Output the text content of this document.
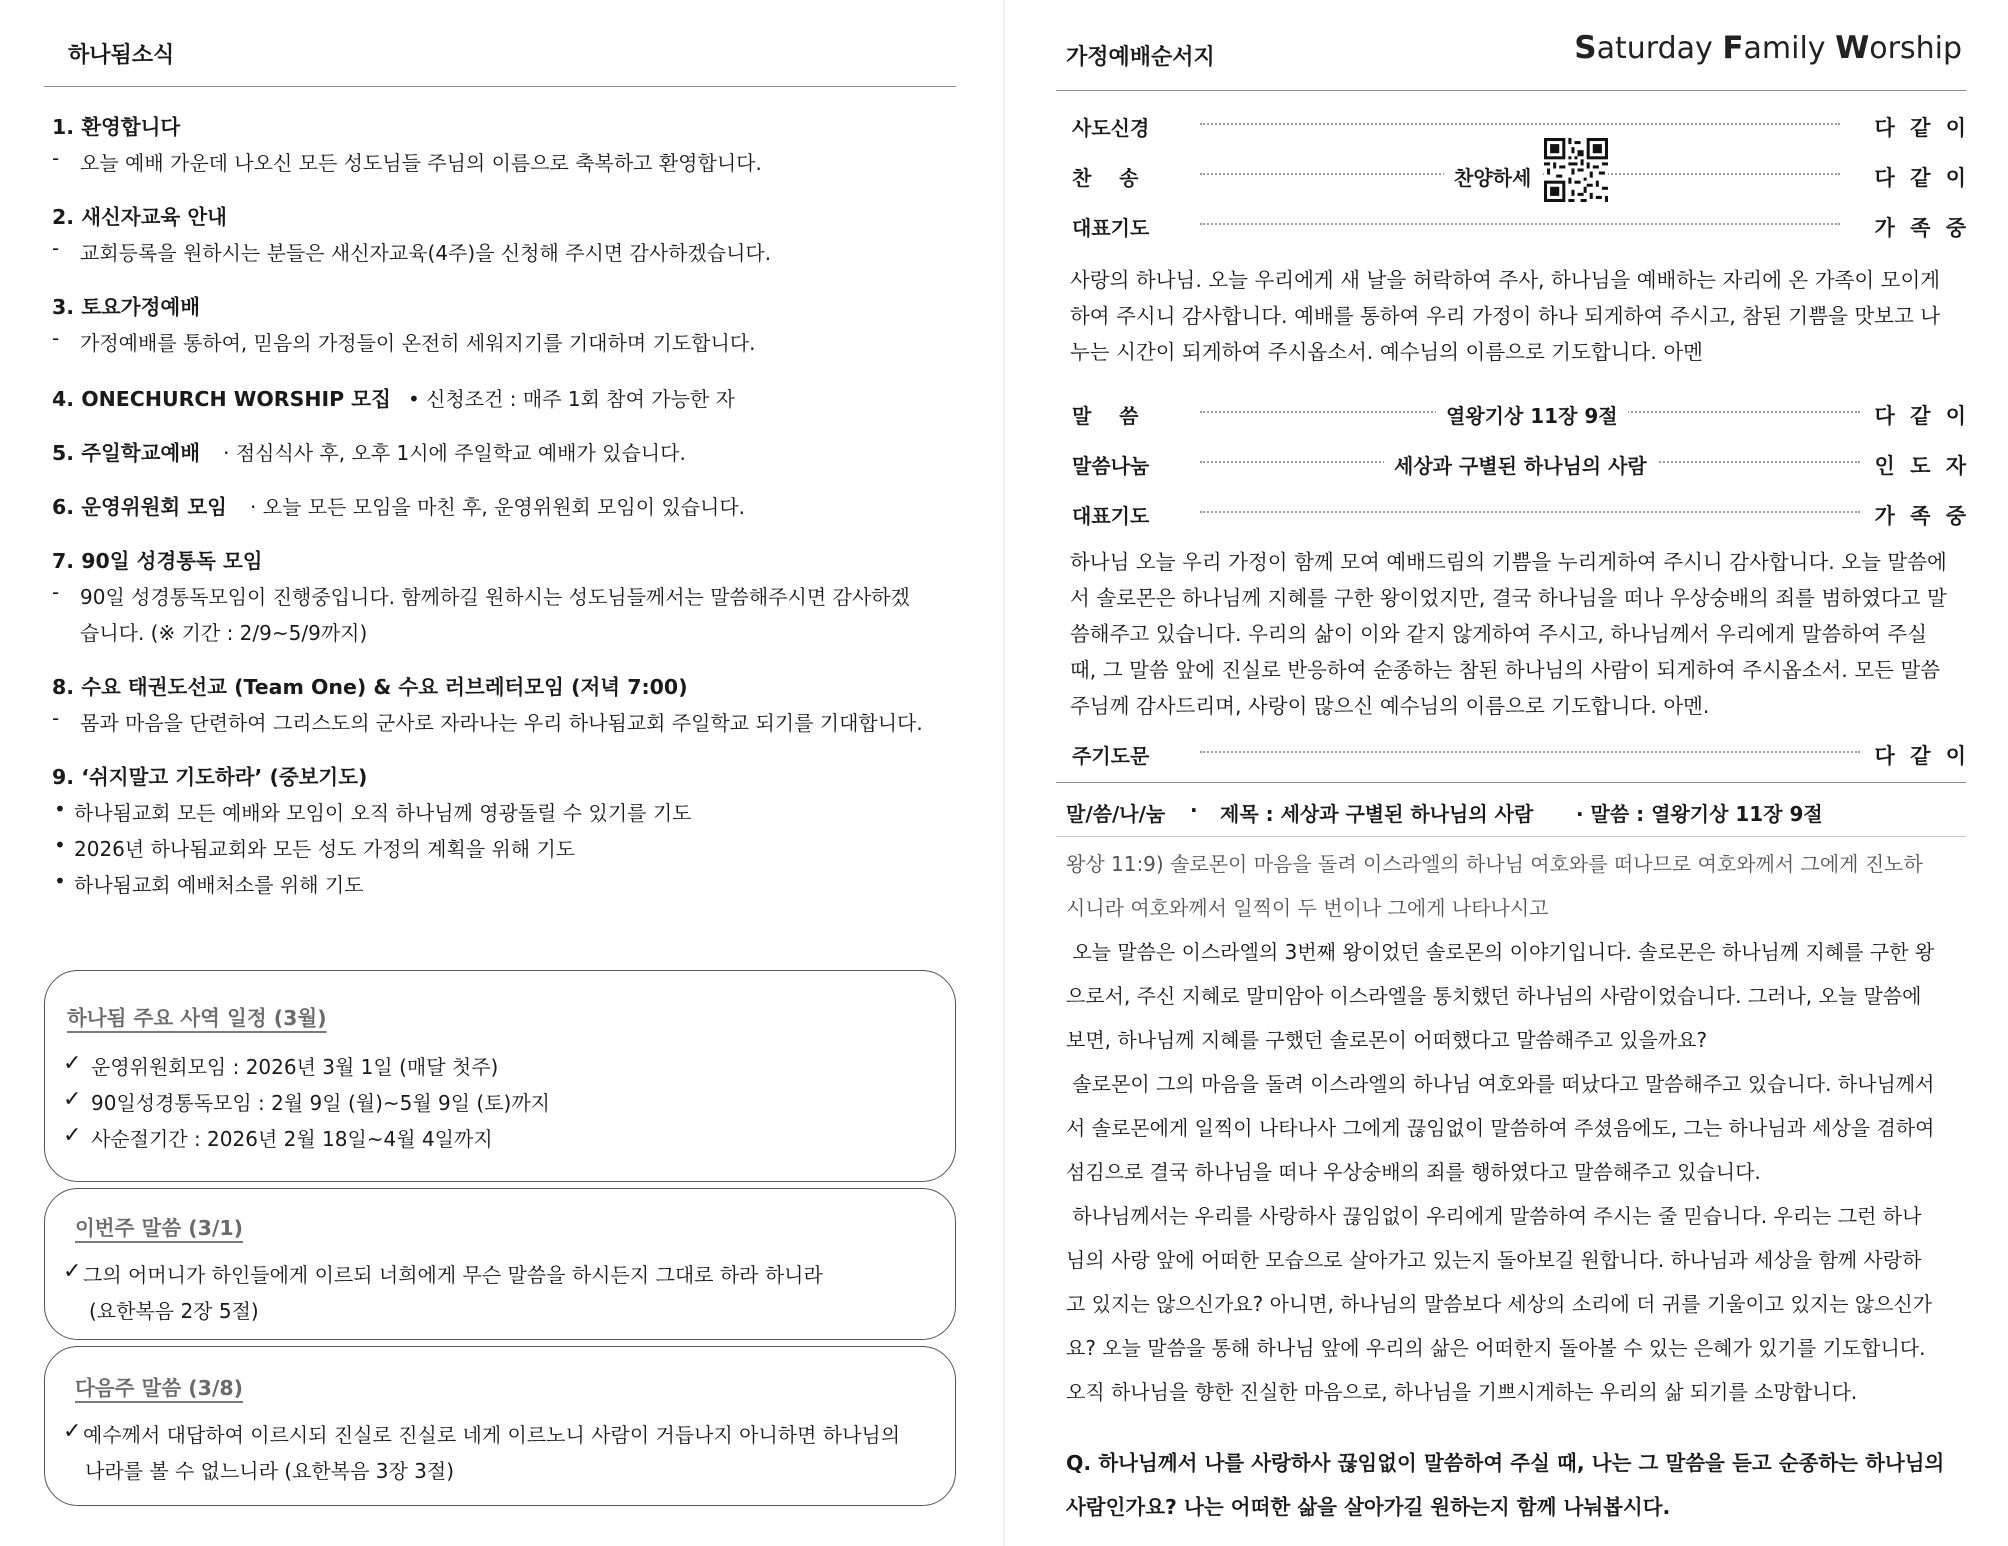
하나됨소식
1. 환영합니다
- 오늘 예배 가운데 나오신 모든 성도님들 주님의 이름으로 축복하고 환영합니다.
2. 새신자교육 안내
- 교회등록을 원하시는 분들은 새신자교육(4주)을 신청해 주시면 감사하겠습니다.
3. 토요가정예배
- 가정예배를 통하여, 믿음의 가정들이 온전히 세워지기를 기대하며 기도합니다.
4. ONECHURCH WORSHIP 모집 • 신청조건 : 매주 1회 참여 가능한 자
5. 주일학교예배 · 점심식사 후, 오후 1시에 주일학교 예배가 있습니다.
6. 운영위원회 모임 · 오늘 모든 모임을 마친 후, 운영위원회 모임이 있습니다.
7. 90일 성경통독 모임
- 90일 성경통독모임이 진행중입니다. 함께하길 원하시는 성도님들께서는 말씀해주시면 감사하겠
습니다. (※ 기간 : 2/9~5/9까지)
8. 수요 태권도선교 (Team One) & 수요 러브레터모임 (저녁 7:00)
- 몸과 마음을 단련하여 그리스도의 군사로 자라나는 우리 하나됨교회 주일학교 되기를 기대합니다.
9. ‘쉬지말고 기도하라’ (중보기도)
• 하나됨교회 모든 예배와 모임이 오직 하나님께 영광돌릴 수 있기를 기도
• 2026년 하나됨교회와 모든 성도 가정의 계획을 위해 기도
• 하나됨교회 예배처소를 위해 기도
하나됨 주요 사역 일정 (3월)
✓ 운영위원회모임 : 2026년 3월 1일 (매달 첫주)
✓ 90일성경통독모임 : 2월 9일 (월)~5월 9일 (토)까지
✓ 사순절기간 : 2026년 2월 18일~4월 4일까지
이번주 말씀 (3/1)
✓ 그의 어머니가 하인들에게 이르되 너희에게 무슨 말씀을 하시든지 그대로 하라 하니라
(요한복음 2장 5절)
다음주 말씀 (3/8)
✓ 예수께서 대답하여 이르시되 진실로 진실로 네게 이르노니 사람이 거듭나지 아니하면 하나님의
나라를 볼 수 없느니라 (요한복음 3장 3절)
가정예배순서지	Saturday Family Worship
사도신경	다 같 이
찬    송	찬양하세	다 같 이
대표기도	가 족 중
사랑의 하나님. 오늘 우리에게 새 날을 허락하여 주사, 하나님을 예배하는 자리에 온 가족이 모이게
하여 주시니 감사합니다. 예배를 통하여 우리 가정이 하나 되게하여 주시고, 참된 기쁨을 맛보고 나
누는 시간이 되게하여 주시옵소서. 예수님의 이름으로 기도합니다. 아멘
말    씀	열왕기상 11장 9절	다 같 이
말씀나눔	세상과 구별된 하나님의 사람	인 도 자
대표기도	가 족 중
하나님 오늘 우리 가정이 함께 모여 예배드림의 기쁨을 누리게하여 주시니 감사합니다. 오늘 말씀에
서 솔로몬은 하나님께 지혜를 구한 왕이었지만, 결국 하나님을 떠나 우상숭배의 죄를 범하였다고 말
씀해주고 있습니다. 우리의 삶이 이와 같지 않게하여 주시고, 하나님께서 우리에게 말씀하여 주실
때, 그 말씀 앞에 진실로 반응하여 순종하는 참된 하나님의 사람이 되게하여 주시옵소서. 모든 말씀
주님께 감사드리며, 사랑이 많으신 예수님의 이름으로 기도합니다. 아멘.
주기도문	다 같 이
말/씀/나/눔 · 제목 : 세상과 구별된 하나님의 사람 · 말씀 : 열왕기상 11장 9절
왕상 11:9) 솔로몬이 마음을 돌려 이스라엘의 하나님 여호와를 떠나므로 여호와께서 그에게 진노하
시니라 여호와께서 일찍이 두 번이나 그에게 나타나시고
오늘 말씀은 이스라엘의 3번째 왕이었던 솔로몬의 이야기입니다. 솔로몬은 하나님께 지혜를 구한 왕
으로서, 주신 지혜로 말미암아 이스라엘을 통치했던 하나님의 사람이었습니다. 그러나, 오늘 말씀에
보면, 하나님께 지혜를 구했던 솔로몬이 어떠했다고 말씀해주고 있을까요?
솔로몬이 그의 마음을 돌려 이스라엘의 하나님 여호와를 떠났다고 말씀해주고 있습니다. 하나님께서
서 솔로몬에게 일찍이 나타나사 그에게 끊임없이 말씀하여 주셨음에도, 그는 하나님과 세상을 겸하여
섬김으로 결국 하나님을 떠나 우상숭배의 죄를 행하였다고 말씀해주고 있습니다.
하나님께서는 우리를 사랑하사 끊임없이 우리에게 말씀하여 주시는 줄 믿습니다. 우리는 그런 하나
님의 사랑 앞에 어떠한 모습으로 살아가고 있는지 돌아보길 원합니다. 하나님과 세상을 함께 사랑하
고 있지는 않으신가요? 아니면, 하나님의 말씀보다 세상의 소리에 더 귀를 기울이고 있지는 않으신가
요? 오늘 말씀을 통해 하나님 앞에 우리의 삶은 어떠한지 돌아볼 수 있는 은혜가 있기를 기도합니다.
오직 하나님을 향한 진실한 마음으로, 하나님을 기쁘시게하는 우리의 삶 되기를 소망합니다.
Q. 하나님께서 나를 사랑하사 끊임없이 말씀하여 주실 때, 나는 그 말씀을 듣고 순종하는 하나님의
사람인가요? 나는 어떠한 삶을 살아가길 원하는지 함께 나눠봅시다.
